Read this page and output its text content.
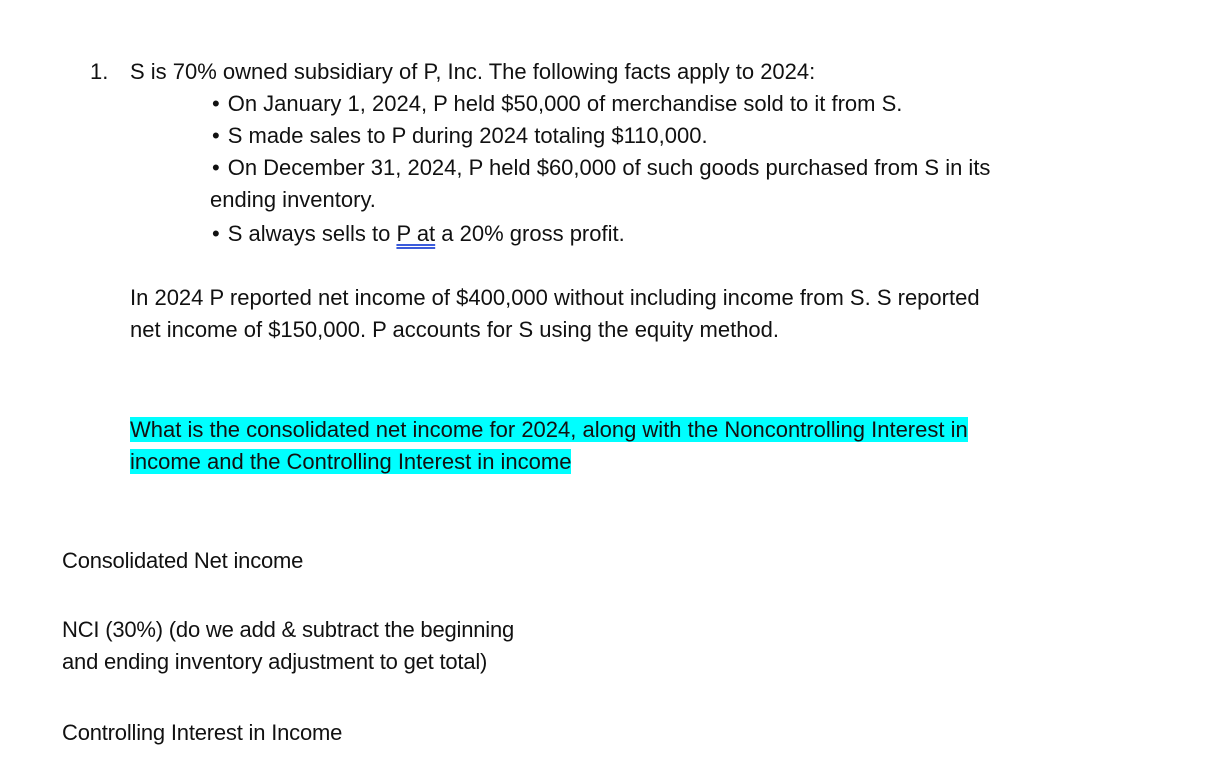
1. S is 70% owned subsidiary of P, Inc. The following facts apply to 2024:
• On January 1, 2024, P held $50,000 of merchandise sold to it from S.
• S made sales to P during 2024 totaling $110,000.
• On December 31, 2024, P held $60,000 of such goods purchased from S in its
ending inventory.
• S always sells to P at a 20% gross profit.
In 2024 P reported net income of $400,000 without including income from S. S reported
net income of $150,000. P accounts for S using the equity method.
What is the consolidated net income for 2024, along with the Noncontrolling Interest in
income and the Controlling Interest in income
Consolidated Net income
NCI (30%) (do we add & subtract the beginning
and ending inventory adjustment to get total)
Controlling Interest in Income
